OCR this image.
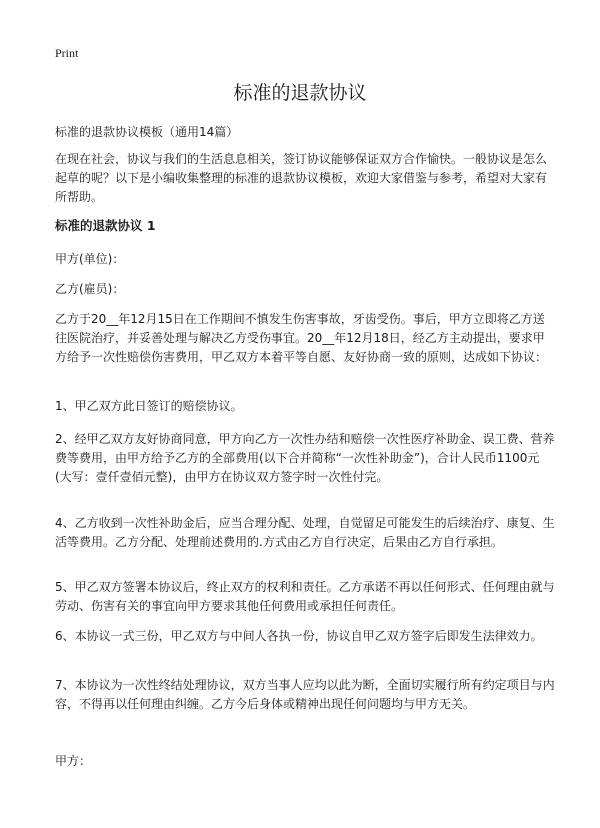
Print
标准的退款协议
标准的退款协议模板（通用14篇）

在现在社会，协议与我们的生活息息相关，签订协议能够保证双方合作愉快。一般协议是怎么起草的呢？以下是小编收集整理的标准的退款协议模板，欢迎大家借鉴与参考，希望对大家有所帮助。

标准的退款协议 1

甲方(单位)：

乙方(雇员)：

乙方于20__年12月15日在工作期间不慎发生伤害事故，牙齿受伤。事后，甲方立即将乙方送往医院治疗，并妥善处理与解决乙方受伤事宜。20__年12月18日，经乙方主动提出，要求甲方给予一次性赔偿伤害费用，甲乙双方本着平等自愿、友好协商一致的原则，达成如下协议：

1、甲乙双方此日签订的赔偿协议。

2、经甲乙双方友好协商同意，甲方向乙方一次性办结和赔偿一次性医疗补助金、误工费、营养费等费用，由甲方给予乙方的全部费用(以下合并简称“一次性补助金”)，合计人民币1100元(大写：壹仟壹佰元整)，由甲方在协议双方签字时一次性付完。

4、乙方收到一次性补助金后，应当合理分配、处理，自觉留足可能发生的后续治疗、康复、生活等费用。乙方分配、处理前述费用的.方式由乙方自行决定，后果由乙方自行承担。

5、甲乙双方签署本协议后，终止双方的权利和责任。乙方承诺不再以任何形式、任何理由就与劳动、伤害有关的事宜向甲方要求其他任何费用或承担任何责任。

6、本协议一式三份，甲乙双方与中间人各执一份，协议自甲乙双方签字后即发生法律效力。

7、本协议为一次性终结处理协议，双方当事人应均以此为断，全面切实履行所有约定项目与内容，不得再以任何理由纠缠。乙方今后身体或精神出现任何问题均与甲方无关。

甲方：
